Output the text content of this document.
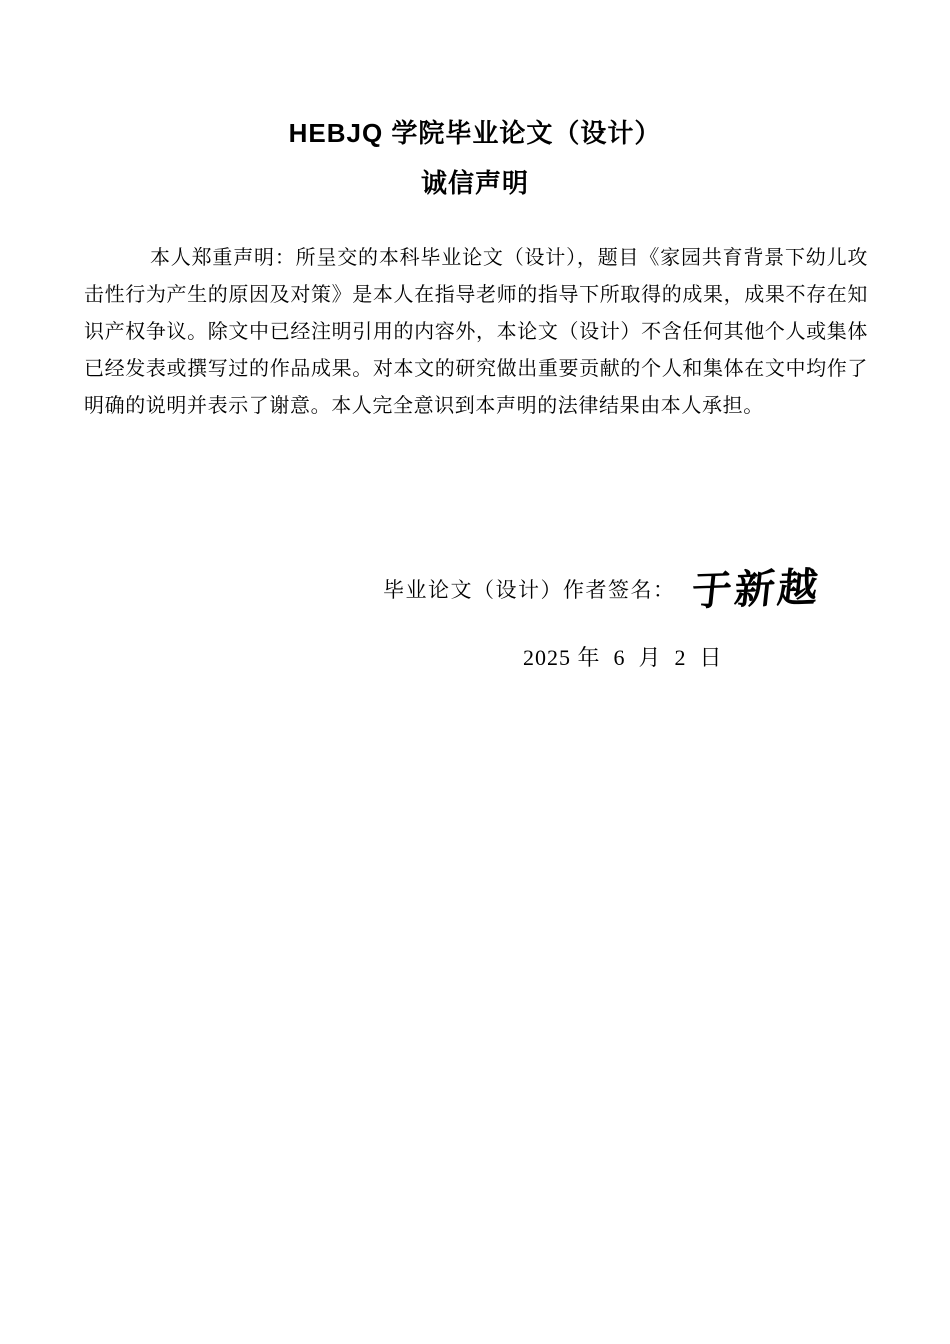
HEBJQ 学院毕业论文（设计）
诚信声明

本人郑重声明：所呈交的本科毕业论文（设计），题目《家园共育背景下幼儿攻击性行为产生的原因及对策》是本人在指导老师的指导下所取得的成果，成果不存在知识产权争议。除文中已经注明引用的内容外，本论文（设计）不含任何其他个人或集体已经发表或撰写过的作品成果。对本文的研究做出重要贡献的个人和集体在文中均作了明确的说明并表示了谢意。本人完全意识到本声明的法律结果由本人承担。

毕业论文（设计）作者签名： 于新越
2025 年  6  月  2  日
